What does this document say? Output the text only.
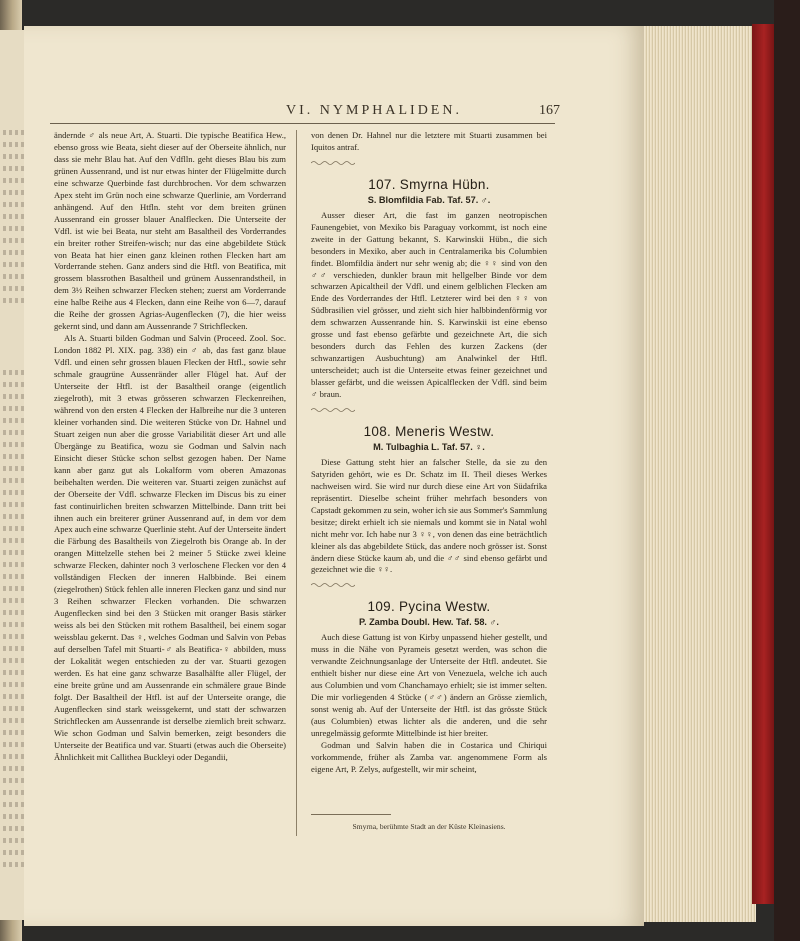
VI. NYMPHALIDEN.	167

ändernde ♂ als neue Art, A. Stuarti. Die typische Beatifica Hew., ebenso gross wie Beata, sieht dieser auf der Oberseite ähnlich, nur dass sie mehr Blau hat. Auf den Vdflln. geht dieses Blau bis zum grünen Aussenrand, und ist nur etwas hinter der Flügelmitte durch eine schwarze Querbinde fast durchbrochen. Vor dem schwarzen Apex steht im Grün noch eine schwarze Querlinie, am Vorderrand anhängend. Auf den Htfln. steht vor dem breiten grünen Aussenrand ein grosser blauer Analflecken. Die Unterseite der Vdfl. ist wie bei Beata, nur steht am Basaltheil des Vorderrandes ein breiter rother Streifen-wisch; nur das eine abgebildete Stück von Beata hat hier einen ganz kleinen rothen Flecken hart am Vorderrande stehen. Ganz anders sind die Htfl. von Beatifica, mit grossem blassrothen Basaltheil und grünem Aussenrandstheil, in dem 3½ Reihen schwarzer Flecken stehen; zuerst am Vorderrande eine halbe Reihe aus 4 Flecken, dann eine Reihe von 6—7, darauf die Reihe der grossen Agrias-Augenflecken (7), die hier weiss gekernt sind, und dann am Aussenrande 7 Strichflecken.

Als A. Stuarti bilden Godman und Salvin (Proceed. Zool. Soc. London 1882 Pl. XIX. pag. 338) ein ♂ ab, das fast ganz blaue Vdfl. und einen sehr grossen blauen Flecken der Htfl., sowie sehr schmale graugrüne Aussenränder aller Flügel hat. Auf der Unterseite der Htfl. ist der Basaltheil orange (eigentlich ziegelroth), mit 3 etwas grösseren schwarzen Fleckenreihen, während von den ersten 4 Flecken der Halbreihe nur die 3 unteren kleiner vorhanden sind. Die weiteren Stücke von Dr. Hahnel und Stuart zeigen nun aber die grosse Variabilität dieser Art und alle Übergänge zu Beatifica, wozu sie Godman und Salvin nach Einsicht dieser Stücke schon selbst gezogen haben. Der Name kann aber ganz gut als Lokalform vom oberen Amazonas beibehalten werden. Die weiteren var. Stuarti zeigen zunächst auf der Oberseite der Vdfl. schwarze Flecken im Discus bis zu einer fast continuirlichen breiten schwarzen Mittelbinde. Dann tritt bei ihnen auch ein breiterer grüner Aussenrand auf, in dem vor dem Apex auch eine schwarze Querlinie steht. Auf der Unterseite ändert die Färbung des Basaltheils von Ziegelroth bis Orange ab. In der orangen Mittelzelle stehen bei 2 meiner 5 Stücke zwei kleine schwarze Flecken, dahinter noch 3 verloschene Flecken vor den 4 vollständigen Flecken der inneren Halbbinde. Bei einem (ziegelrothen) Stück fehlen alle inneren Flecken ganz und sind nur 3 Reihen schwarzer Flecken vorhanden. Die schwarzen Augenflecken sind bei den 3 Stücken mit oranger Basis stärker weiss als bei den Stücken mit rothem Basaltheil, bei einem sogar weissblau gekernt. Das ♀, welches Godman und Salvin von Pebas auf derselben Tafel mit Stuarti-♂ als Beatifica-♀ abbilden, muss der Lokalität wegen entschieden zu der var. Stuarti gezogen werden. Es hat eine ganz schwarze Basalhälfte aller Flügel, der eine breite grüne und am Aussenrande ein schmälere graue Binde folgt. Der Basaltheil der Htfl. ist auf der Unterseite orange, die Augenflecken sind stark weissgekernt, und statt der schwarzen Strichflecken am Aussenrande ist derselbe ziemlich breit schwarz. Wie schon Godman und Salvin bemerken, zeigt besonders die Unterseite der Beatifica und var. Stuarti (etwas auch die Oberseite) Ähnlichkeit mit Callithea Buckleyi oder Degandii,

von denen Dr. Hahnel nur die letztere mit Stuarti zusammen bei Iquitos antraf.

107. Smyrna Hübn.
S. Blomfildia Fab. Taf. 57. ♂.

Ausser dieser Art, die fast im ganzen neotropischen Faunengebiet, von Mexiko bis Paraguay vorkommt, ist noch eine zweite in der Gattung bekannt, S. Karwinskii Hübn., die sich besonders in Mexiko, aber auch in Centralamerika bis Columbien findet. Blomfildia ändert nur sehr wenig ab; die ♀♀ sind von den ♂♂ verschieden, dunkler braun mit hellgelber Binde vor dem schwarzen Apicaltheil der Vdfl. und einem gelblichen Flecken am Ende des Vorderrandes der Htfl. Letzterer wird bei den ♀♀ von Südbrasilien viel grösser, und zieht sich hier halbbindenförmig vor dem schwarzen Aussenrande hin. S. Karwinskii ist eine ebenso grosse und fast ebenso gefärbte und gezeichnete Art, die sich besonders durch das Fehlen des kurzen Zackens (der schwanzartigen Ausbuchtung) am Analwinkel der Htfl. unterscheidet; auch ist die Unterseite etwas feiner gezeichnet und blasser gefärbt, und die weissen Apicalflecken der Vdfl. sind beim ♂ braun.

108. Meneris Westw.
M. Tulbaghia L. Taf. 57. ♀.

Diese Gattung steht hier an falscher Stelle, da sie zu den Satyriden gehört, wie es Dr. Schatz im II. Theil dieses Werkes nachweisen wird. Sie wird nur durch diese eine Art von Südafrika repräsentirt. Dieselbe scheint früher mehrfach besonders von Capstadt gekommen zu sein, woher ich sie aus Sommer's Sammlung besitze; direkt erhielt ich sie niemals und kommt sie in Natal wohl nicht mehr vor. Ich habe nur 3 ♀♀, von denen das eine beträchtlich kleiner als das abgebildete Stück, das andere noch grösser ist. Sonst ändern diese Stücke kaum ab, und die ♂♂ sind ebenso gefärbt und gezeichnet wie die ♀♀.

109. Pycina Westw.
P. Zamba Doubl. Hew. Taf. 58. ♂.

Auch diese Gattung ist von Kirby unpassend hieher gestellt, und muss in die Nähe von Pyrameis gesetzt werden, was schon die verwandte Zeichnungsanlage der Unterseite der Htfl. andeutet. Sie enthielt bisher nur diese eine Art von Venezuela, welche ich auch aus Columbien und vom Chanchamayo erhielt; sie ist immer selten. Die mir vorliegenden 4 Stücke (♂♂) ändern an Grösse ziemlich, sonst wenig ab. Auf der Unterseite der Htfl. ist das grösste Stück (aus Columbien) etwas lichter als die anderen, und die sehr unregelmässig geformte Mittelbinde ist hier breiter.

Godman und Salvin haben die in Costarica und Chiriqui vorkommende, früher als Zamba var. angenommene Form als eigene Art, P. Zelys, aufgestellt, wir mir scheint,

Smyrna, berühmte Stadt an der Küste Kleinasiens.
